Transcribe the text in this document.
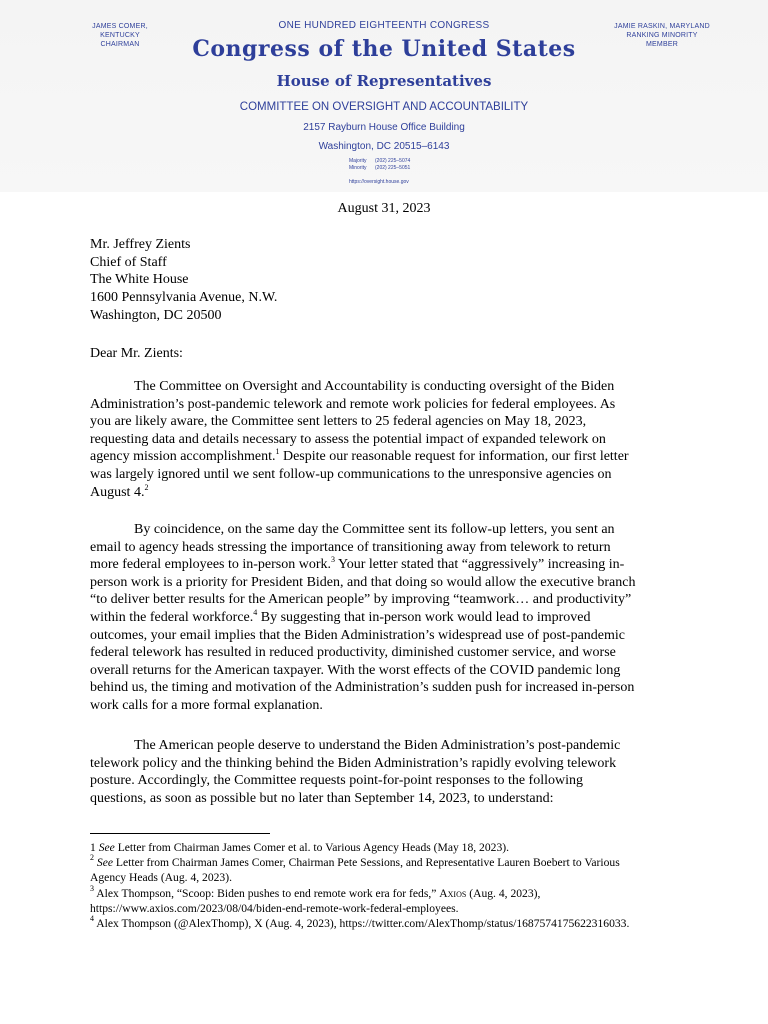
JAMES COMER, KENTUCKY
CHAIRMAN
ONE HUNDRED EIGHTEENTH CONGRESS	JAMIE RASKIN, MARYLAND
RANKING MINORITY MEMBER
Congress of the United States
House of Representatives
COMMITTEE ON OVERSIGHT AND ACCOUNTABILITY
2157 Rayburn House Office Building
Washington, DC 20515–6143
Majority (202) 225–5074
Minority (202) 225–5051
https://oversight.house.gov
August 31, 2023
Mr. Jeffrey Zients
Chief of Staff
The White House
1600 Pennsylvania Avenue, N.W.
Washington, DC 20500
Dear Mr. Zients:
The Committee on Oversight and Accountability is conducting oversight of the Biden
Administration’s post-pandemic telework and remote work policies for federal employees. As
you are likely aware, the Committee sent letters to 25 federal agencies on May 18, 2023,
requesting data and details necessary to assess the potential impact of expanded telework on
agency mission accomplishment.$^1$ Despite our reasonable request for information, our first letter
was largely ignored until we sent follow-up communications to the unresponsive agencies on
August 4.$^2$
By coincidence, on the same day the Committee sent its follow-up letters, you sent an
email to agency heads stressing the importance of transitioning away from telework to return
more federal employees to in-person work.$^3$ Your letter stated that “aggressively” increasing in-
person work is a priority for President Biden, and that doing so would allow the executive branch
“to deliver better results for the American people” by improving “teamwork… and productivity”
within the federal workforce.$^4$ By suggesting that in-person work would lead to improved
outcomes, your email implies that the Biden Administration’s widespread use of post-pandemic
federal telework has resulted in reduced productivity, diminished customer service, and worse
overall returns for the American taxpayer. With the worst effects of the COVID pandemic long
behind us, the timing and motivation of the Administration’s sudden push for increased in-person
work calls for a more formal explanation.
The American people deserve to understand the Biden Administration’s post-pandemic
telework policy and the thinking behind the Biden Administration’s rapidly evolving telework
posture. Accordingly, the Committee requests point-for-point responses to the following
questions, as soon as possible but no later than September 14, 2023, to understand:
1 See Letter from Chairman James Comer et al. to Various Agency Heads (May 18, 2023).
$^2$ See Letter from Chairman James Comer, Chairman Pete Sessions, and Representative Lauren Boebert to Various
Agency Heads (Aug. 4, 2023).
$^3$ Alex Thompson, “Scoop: Biden pushes to end remote work era for feds,” Axios (Aug. 4, 2023),
https://www.axios.com/2023/08/04/biden-end-remote-work-federal-employees.
$^4$ Alex Thompson (@AlexThomp), X (Aug. 4, 2023), https://twitter.com/AlexThomp/status/1687574175622316033.
